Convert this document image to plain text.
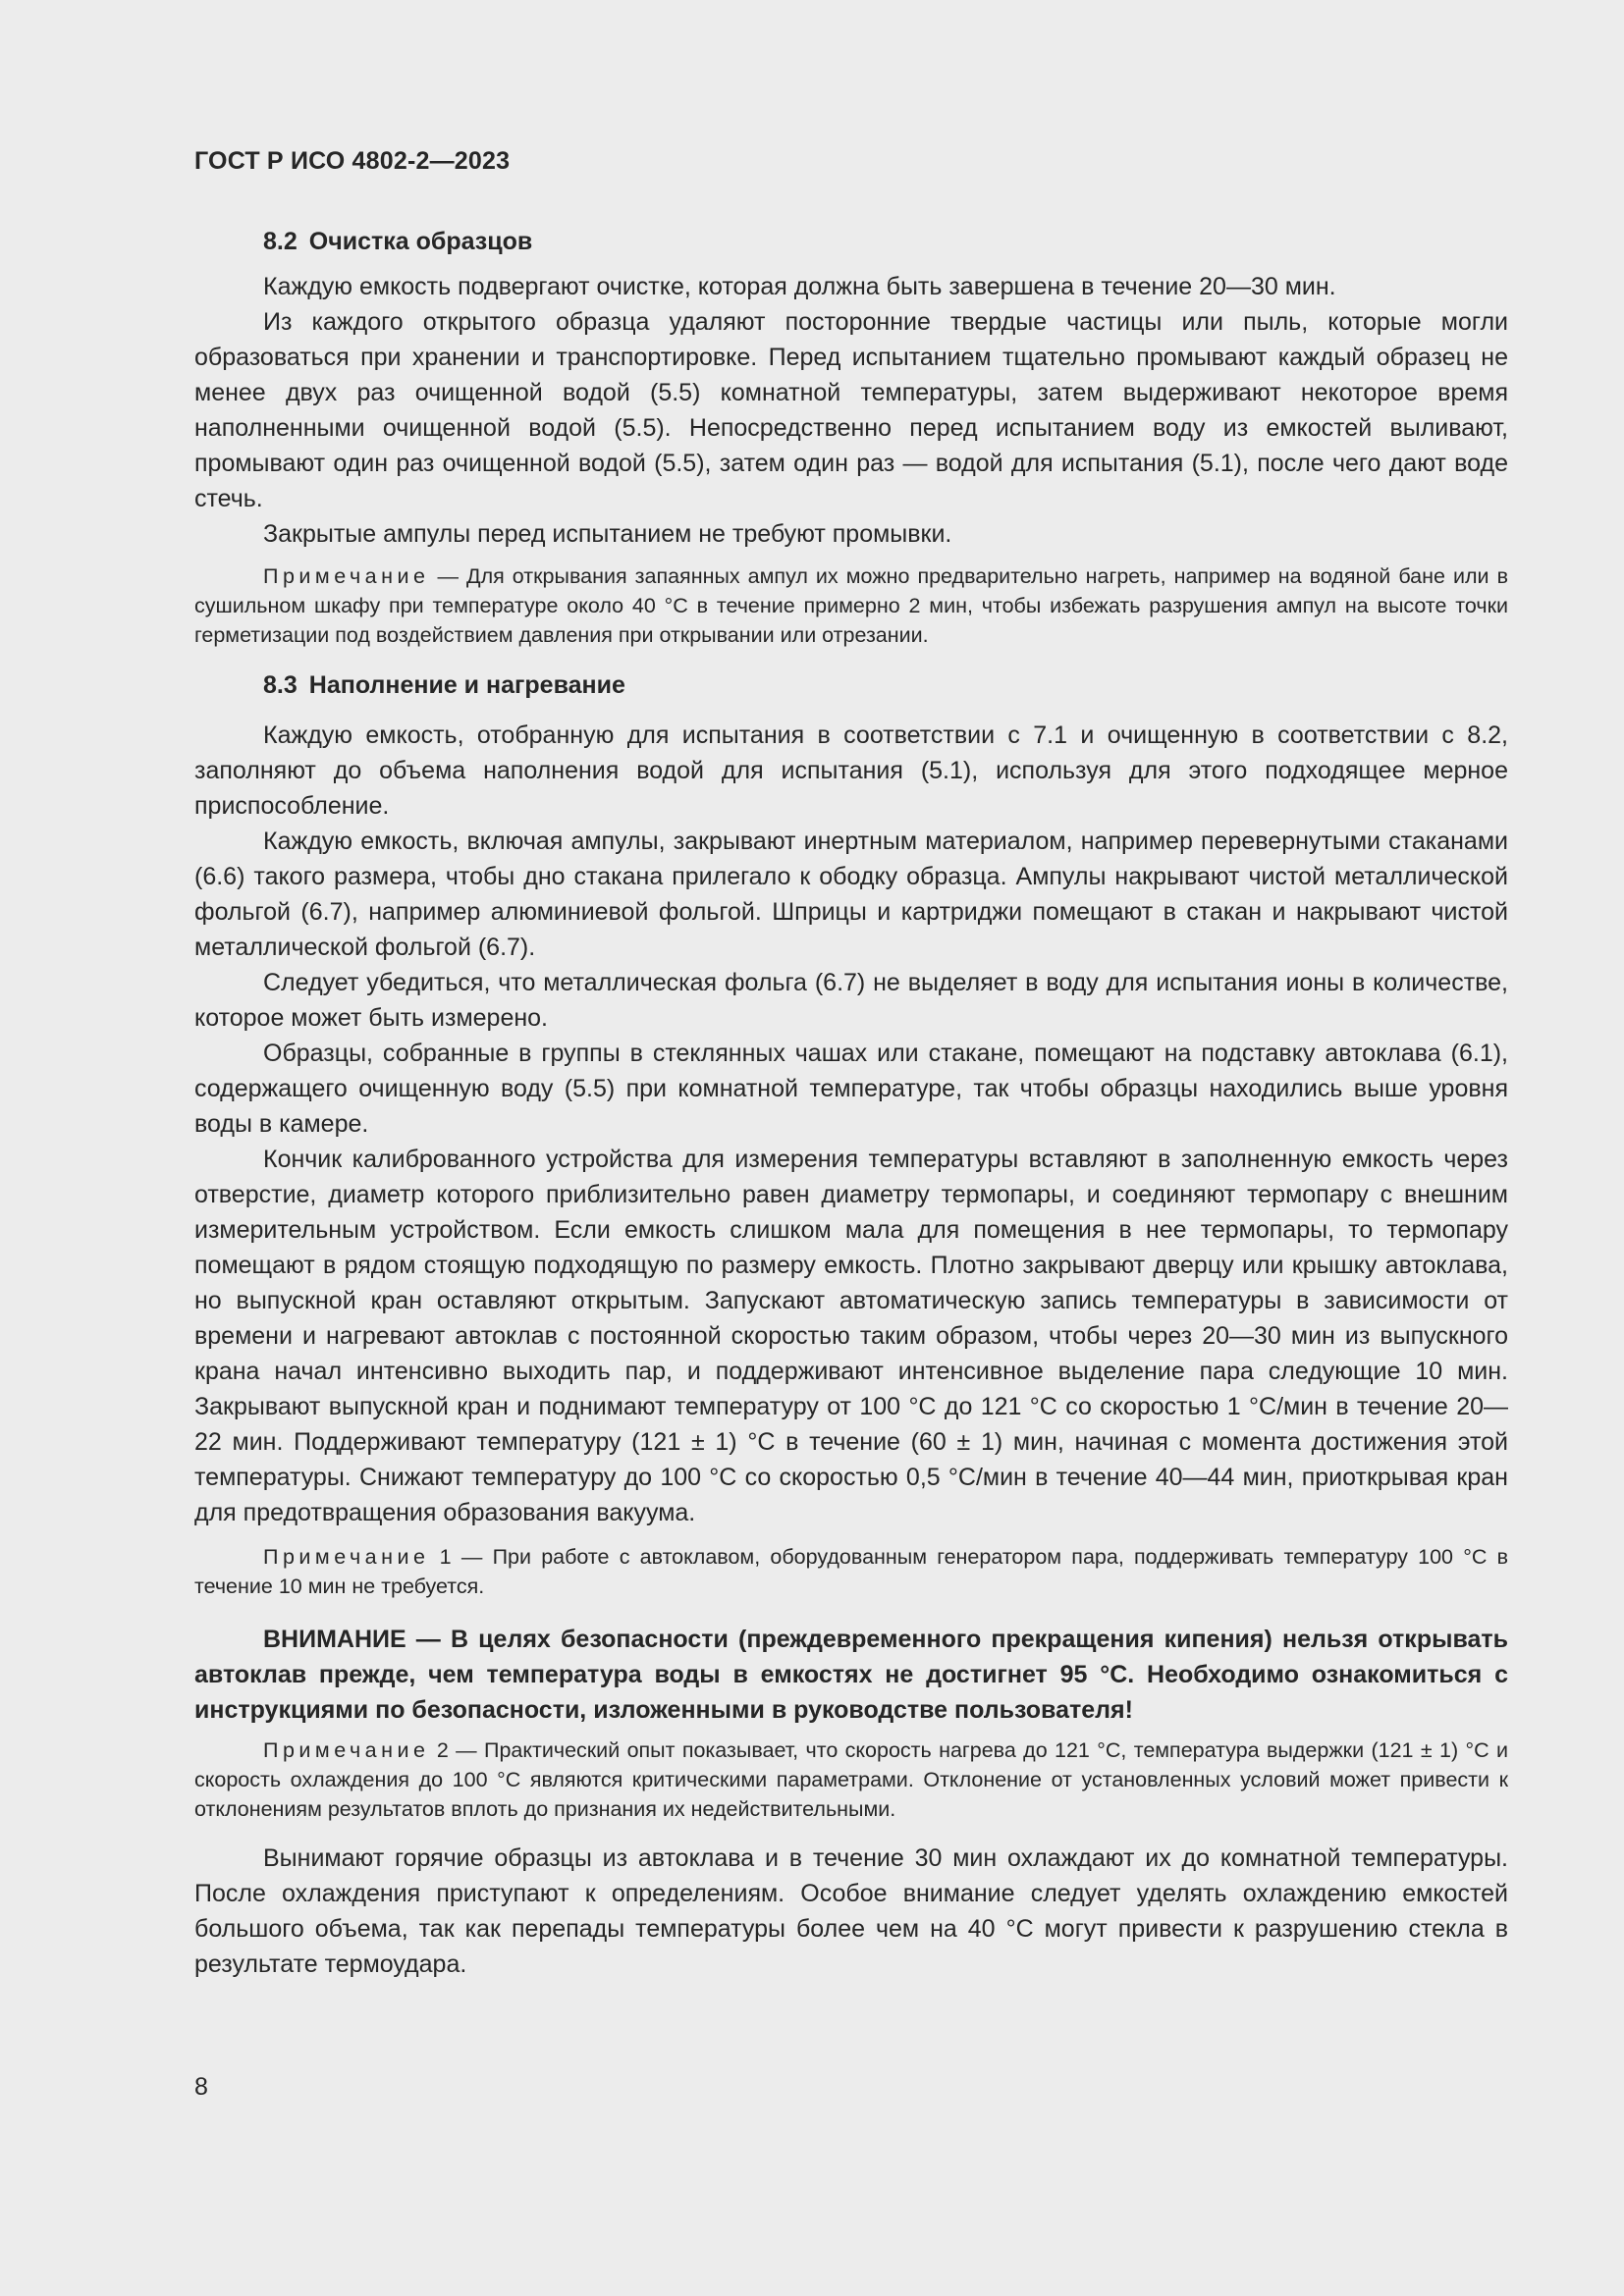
ГОСТ Р ИСО 4802-2—2023
8.2 Очистка образцов

Каждую емкость подвергают очистке, которая должна быть завершена в течение 20—30 мин.

Из каждого открытого образца удаляют посторонние твердые частицы или пыль, которые могли образоваться при хранении и транспортировке. Перед испытанием тщательно промывают каждый образец не менее двух раз очищенной водой (5.5) комнатной температуры, затем выдерживают некоторое время наполненными очищенной водой (5.5). Непосредственно перед испытанием воду из емкостей выливают, промывают один раз очищенной водой (5.5), затем один раз — водой для испытания (5.1), после чего дают воде стечь.

Закрытые ампулы перед испытанием не требуют промывки.

Примечание — Для открывания запаянных ампул их можно предварительно нагреть, например на водяной бане или в сушильном шкафу при температуре около 40 °С в течение примерно 2 мин, чтобы избежать разрушения ампул на высоте точки герметизации под воздействием давления при открывании или отрезании.

8.3 Наполнение и нагревание

Каждую емкость, отобранную для испытания в соответствии с 7.1 и очищенную в соответствии с 8.2, заполняют до объема наполнения водой для испытания (5.1), используя для этого подходящее мерное приспособление.

Каждую емкость, включая ампулы, закрывают инертным материалом, например перевернутыми стаканами (6.6) такого размера, чтобы дно стакана прилегало к ободку образца. Ампулы накрывают чистой металлической фольгой (6.7), например алюминиевой фольгой. Шприцы и картриджи помещают в стакан и накрывают чистой металлической фольгой (6.7).

Следует убедиться, что металлическая фольга (6.7) не выделяет в воду для испытания ионы в количестве, которое может быть измерено.

Образцы, собранные в группы в стеклянных чашах или стакане, помещают на подставку автоклава (6.1), содержащего очищенную воду (5.5) при комнатной температуре, так чтобы образцы находились выше уровня воды в камере.

Кончик калиброванного устройства для измерения температуры вставляют в заполненную емкость через отверстие, диаметр которого приблизительно равен диаметру термопары, и соединяют термопару с внешним измерительным устройством. Если емкость слишком мала для помещения в нее термопары, то термопару помещают в рядом стоящую подходящую по размеру емкость. Плотно закрывают дверцу или крышку автоклава, но выпускной кран оставляют открытым. Запускают автоматическую запись температуры в зависимости от времени и нагревают автоклав с постоянной скоростью таким образом, чтобы через 20—30 мин из выпускного крана начал интенсивно выходить пар, и поддерживают интенсивное выделение пара следующие 10 мин. Закрывают выпускной кран и поднимают температуру от 100 °С до 121 °С со скоростью 1 °С/мин в течение 20—22 мин. Поддерживают температуру (121 ± 1) °С в течение (60 ± 1) мин, начиная с момента достижения этой температуры. Снижают температуру до 100 °С со скоростью 0,5 °С/мин в течение 40—44 мин, приоткрывая кран для предотвращения образования вакуума.

Примечание 1 — При работе с автоклавом, оборудованным генератором пара, поддерживать температуру 100 °С в течение 10 мин не требуется.

ВНИМАНИЕ — В целях безопасности (преждевременного прекращения кипения) нельзя открывать автоклав прежде, чем температура воды в емкостях не достигнет 95 °С. Необходимо ознакомиться с инструкциями по безопасности, изложенными в руководстве пользователя!

Примечание 2 — Практический опыт показывает, что скорость нагрева до 121 °С, температура выдержки (121 ± 1) °С и скорость охлаждения до 100 °С являются критическими параметрами. Отклонение от установленных условий может привести к отклонениям результатов вплоть до признания их недействительными.

Вынимают горячие образцы из автоклава и в течение 30 мин охлаждают их до комнатной температуры. После охлаждения приступают к определениям. Особое внимание следует уделять охлаждению емкостей большого объема, так как перепады температуры более чем на 40 °С могут привести к разрушению стекла в результате термоудара.

8
